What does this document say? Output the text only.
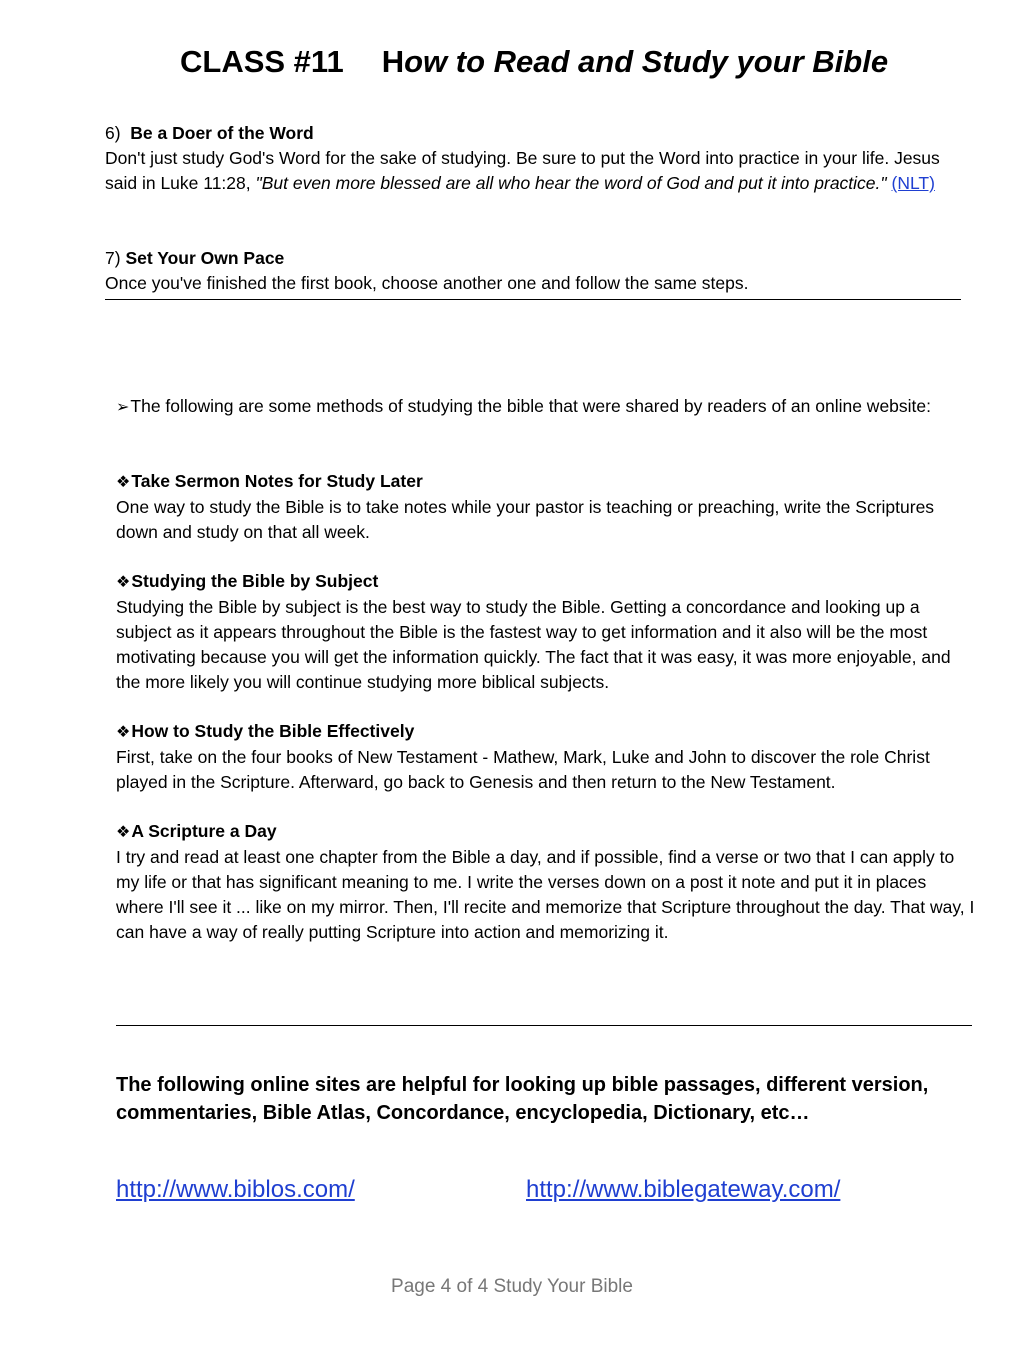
CLASS #11 How to Read and Study your Bible
6) Be a Doer of the Word
Don't just study God's Word for the sake of studying. Be sure to put the Word into practice in your life. Jesus said in Luke 11:28, "But even more blessed are all who hear the word of God and put it into practice." (NLT)
7) Set Your Own Pace
Once you've finished the first book, choose another one and follow the same steps.
➢The following are some methods of studying the bible that were shared by readers of an online website:
❖Take Sermon Notes for Study Later
One way to study the Bible is to take notes while your pastor is teaching or preaching, write the Scriptures down and study on that all week.
❖Studying the Bible by Subject
Studying the Bible by subject is the best way to study the Bible. Getting a concordance and looking up a subject as it appears throughout the Bible is the fastest way to get information and it also will be the most motivating because you will get the information quickly. The fact that it was easy, it was more enjoyable, and the more likely you will continue studying more biblical subjects.
❖How to Study the Bible Effectively
First, take on the four books of New Testament - Mathew, Mark, Luke and John to discover the role Christ played in the Scripture. Afterward, go back to Genesis and then return to the New Testament.
❖A Scripture a Day
I try and read at least one chapter from the Bible a day, and if possible, find a verse or two that I can apply to my life or that has significant meaning to me. I write the verses down on a post it note and put it in places where I'll see it ... like on my mirror. Then, I'll recite and memorize that Scripture throughout the day. That way, I can have a way of really putting Scripture into action and memorizing it.
The following online sites are helpful for looking up bible passages, different version, commentaries, Bible Atlas, Concordance, encyclopedia, Dictionary, etc…
http://www.biblos.com/	http://www.biblegateway.com/
Page 4 of 4 Study Your Bible
